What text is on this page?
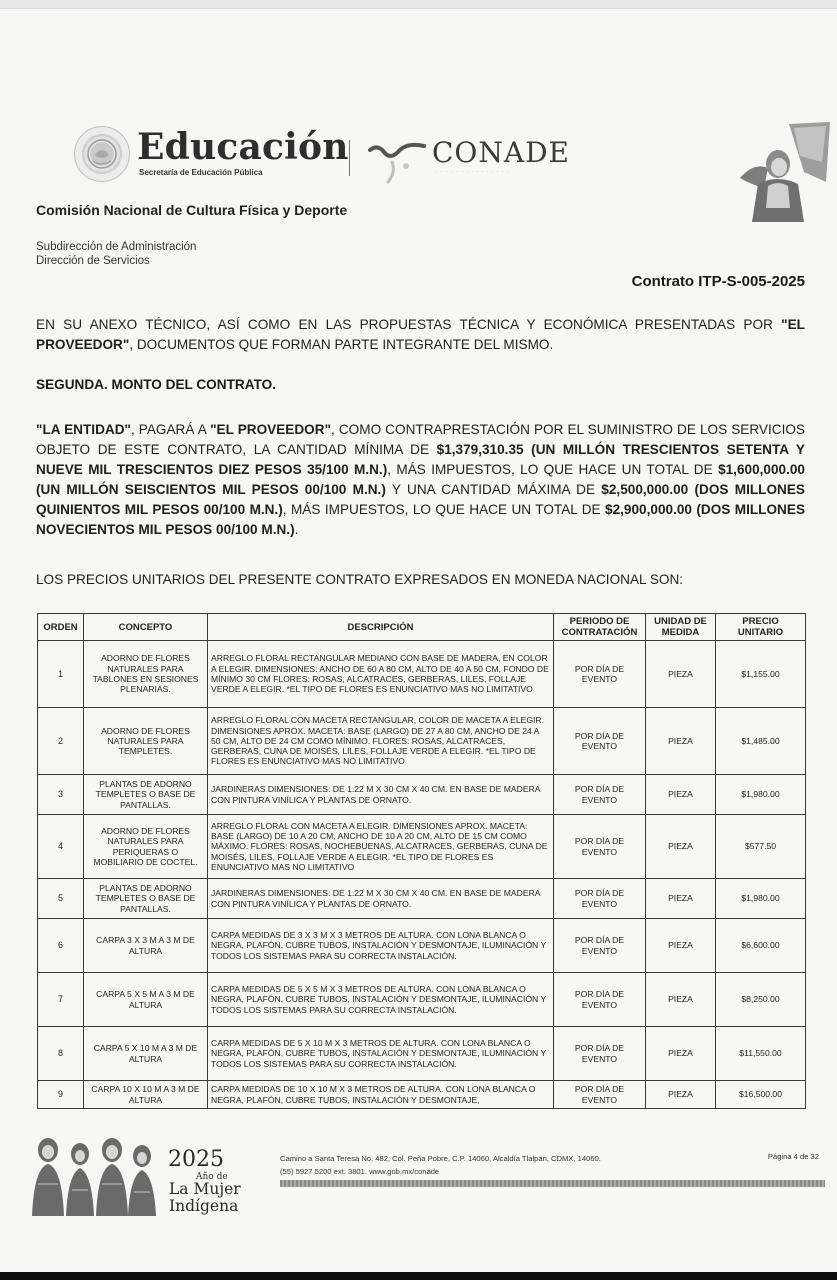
Educación
Secretaría de Educación Pública
CONADE
· · · · · · · · · · · · · · ·
Comisión Nacional de Cultura Física y Deporte
Subdirección de Administración
Dirección de Servicios
Contrato ITP-S-005-2025
EN SU ANEXO TÉCNICO, ASÍ COMO EN LAS PROPUESTAS TÉCNICA Y ECONÓMICA PRESENTADAS POR "EL PROVEEDOR", DOCUMENTOS QUE FORMAN PARTE INTEGRANTE DEL MISMO.
SEGUNDA. MONTO DEL CONTRATO.
"LA ENTIDAD", PAGARÁ A "EL PROVEEDOR", COMO CONTRAPRESTACIÓN POR EL SUMINISTRO DE LOS SERVICIOS OBJETO DE ESTE CONTRATO, LA CANTIDAD MÍNIMA DE $1,379,310.35 (UN MILLÓN TRESCIENTOS SETENTA Y NUEVE MIL TRESCIENTOS DIEZ PESOS 35/100 M.N.), MÁS IMPUESTOS, LO QUE HACE UN TOTAL DE $1,600,000.00 (UN MILLÓN SEISCIENTOS MIL PESOS 00/100 M.N.) Y UNA CANTIDAD MÁXIMA DE $2,500,000.00 (DOS MILLONES QUINIENTOS MIL PESOS 00/100 M.N.), MÁS IMPUESTOS, LO QUE HACE UN TOTAL DE $2,900,000.00 (DOS MILLONES NOVECIENTOS MIL PESOS 00/100 M.N.).
LOS PRECIOS UNITARIOS DEL PRESENTE CONTRATO EXPRESADOS EN MONEDA NACIONAL SON:
ORDEN	CONCEPTO	DESCRIPCIÓN	PERIODO DE CONTRATACIÓN	UNIDAD DE MEDIDA	PRECIO UNITARIO
1	ADORNO DE FLORES NATURALES PARA TABLONES EN SESIONES PLENARIAS.	ARREGLO FLORAL RECTANGULAR MEDIANO CON BASE DE MADERA, EN COLOR A ELEGIR. DIMENSIONES: ANCHO DE 60 A 80 CM, ALTO DE 40 A 50 CM, FONDO DE MÍNIMO 30 CM FLORES: ROSAS, ALCATRACES, GERBERAS, LILES, FOLLAJE VERDE A ELEGIR. *EL TIPO DE FLORES ES ENUNCIATIVO MAS NO LIMITATIVO	POR DÍA DE EVENTO	PIEZA	$1,155.00
2	ADORNO DE FLORES NATURALES PARA TEMPLETES.	ARREGLO FLORAL CON MACETA RECTANGULAR, COLOR DE MACETA A ELEGIR. DIMENSIONES APROX. MACETA: BASE (LARGO) DE 27 A 80 CM, ANCHO DE 24 A 50 CM, ALTO DE 24 CM COMO MÍNIMO. FLORES: ROSAS, ALCATRACES, GERBERAS, CUNA DE MOISÉS, LILES, FOLLAJE VERDE A ELEGIR. *EL TIPO DE FLORES ES ENUNCIATIVO MAS NO LIMITATIVO	POR DÍA DE EVENTO	PIEZA	$1,485.00
3	PLANTAS DE ADORNO TEMPLETES O BASE DE PANTALLAS.	JARDINERAS DIMENSIONES: DE 1.22 M X 30 CM X 40 CM. EN BASE DE MADERA CON PINTURA VINÍLICA Y PLANTAS DE ORNATO.	POR DÍA DE EVENTO	PIEZA	$1,980.00
4	ADORNO DE FLORES NATURALES PARA PERIQUERAS O MOBILIARIO DE COCTEL.	ARREGLO FLORAL CON MACETA A ELEGIR. DIMENSIONES APROX. MACETA: BASE (LARGO) DE 10 A 20 CM, ANCHO DE 10 A 20 CM, ALTO DE 15 CM COMO MÁXIMO. FLORES: ROSAS, NOCHEBUENAS, ALCATRACES, GERBERAS, CUNA DE MOISÉS, LILES, FOLLAJE VERDE A ELEGIR. *EL TIPO DE FLORES ES ENUNCIATIVO MAS NO LIMITATIVO	POR DÍA DE EVENTO	PIEZA	$577.50
5	PLANTAS DE ADORNO TEMPLETES O BASE DE PANTALLAS.	JARDINERAS DIMENSIONES: DE 1.22 M X 30 CM X 40 CM. EN BASE DE MADERA CON PINTURA VINÍLICA Y PLANTAS DE ORNATO.	POR DÍA DE EVENTO	PIEZA	$1,980.00
6	CARPA 3 X 3 M A 3 M DE ALTURA	CARPA MEDIDAS DE 3 X 3 M X 3 METROS DE ALTURA. CON LONA BLANCA O NEGRA, PLAFÓN, CUBRE TUBOS, INSTALACIÓN Y DESMONTAJE, ILUMINACIÓN Y TODOS LOS SISTEMAS PARA SU CORRECTA INSTALACIÓN.	POR DÍA DE EVENTO	PIEZA	$6,600.00
7	CARPA 5 X 5 M A 3 M DE ALTURA	CARPA MEDIDAS DE 5 X 5 M X 3 METROS DE ALTURA. CON LONA BLANCA O NEGRA, PLAFÓN, CUBRE TUBOS, INSTALACIÓN Y DESMONTAJE, ILUMINACIÓN Y TODOS LOS SISTEMAS PARA SU CORRECTA INSTALACIÓN.	POR DÍA DE EVENTO	PIEZA	$8,250.00
8	CARPA 5 X 10 M A 3 M DE ALTURA	CARPA MEDIDAS DE 5 X 10 M X 3 METROS DE ALTURA. CON LONA BLANCA O NEGRA, PLAFÓN, CUBRE TUBOS, INSTALACIÓN Y DESMONTAJE, ILUMINACIÓN Y TODOS LOS SISTEMAS PARA SU CORRECTA INSTALACIÓN.	POR DÍA DE EVENTO	PIEZA	$11,550.00
9	CARPA 10 X 10 M A 3 M DE ALTURA	CARPA MEDIDAS DE 10 X 10 M X 3 METROS DE ALTURA. CON LONA BLANCA O NEGRA, PLAFÓN, CUBRE TUBOS, INSTALACIÓN Y DESMONTAJE,	POR DÍA DE EVENTO	PIEZA	$16,500.00
2025
Año de
La Mujer
Indígena
Camino a Santa Teresa No. 482, Col. Peña Pobre, C.P. 14060, Alcaldía Tlalpan, CDMX, 14060.
(55) 5927 5200 ext. 3801. www.gob.mx/conade
Página 4 de 32
